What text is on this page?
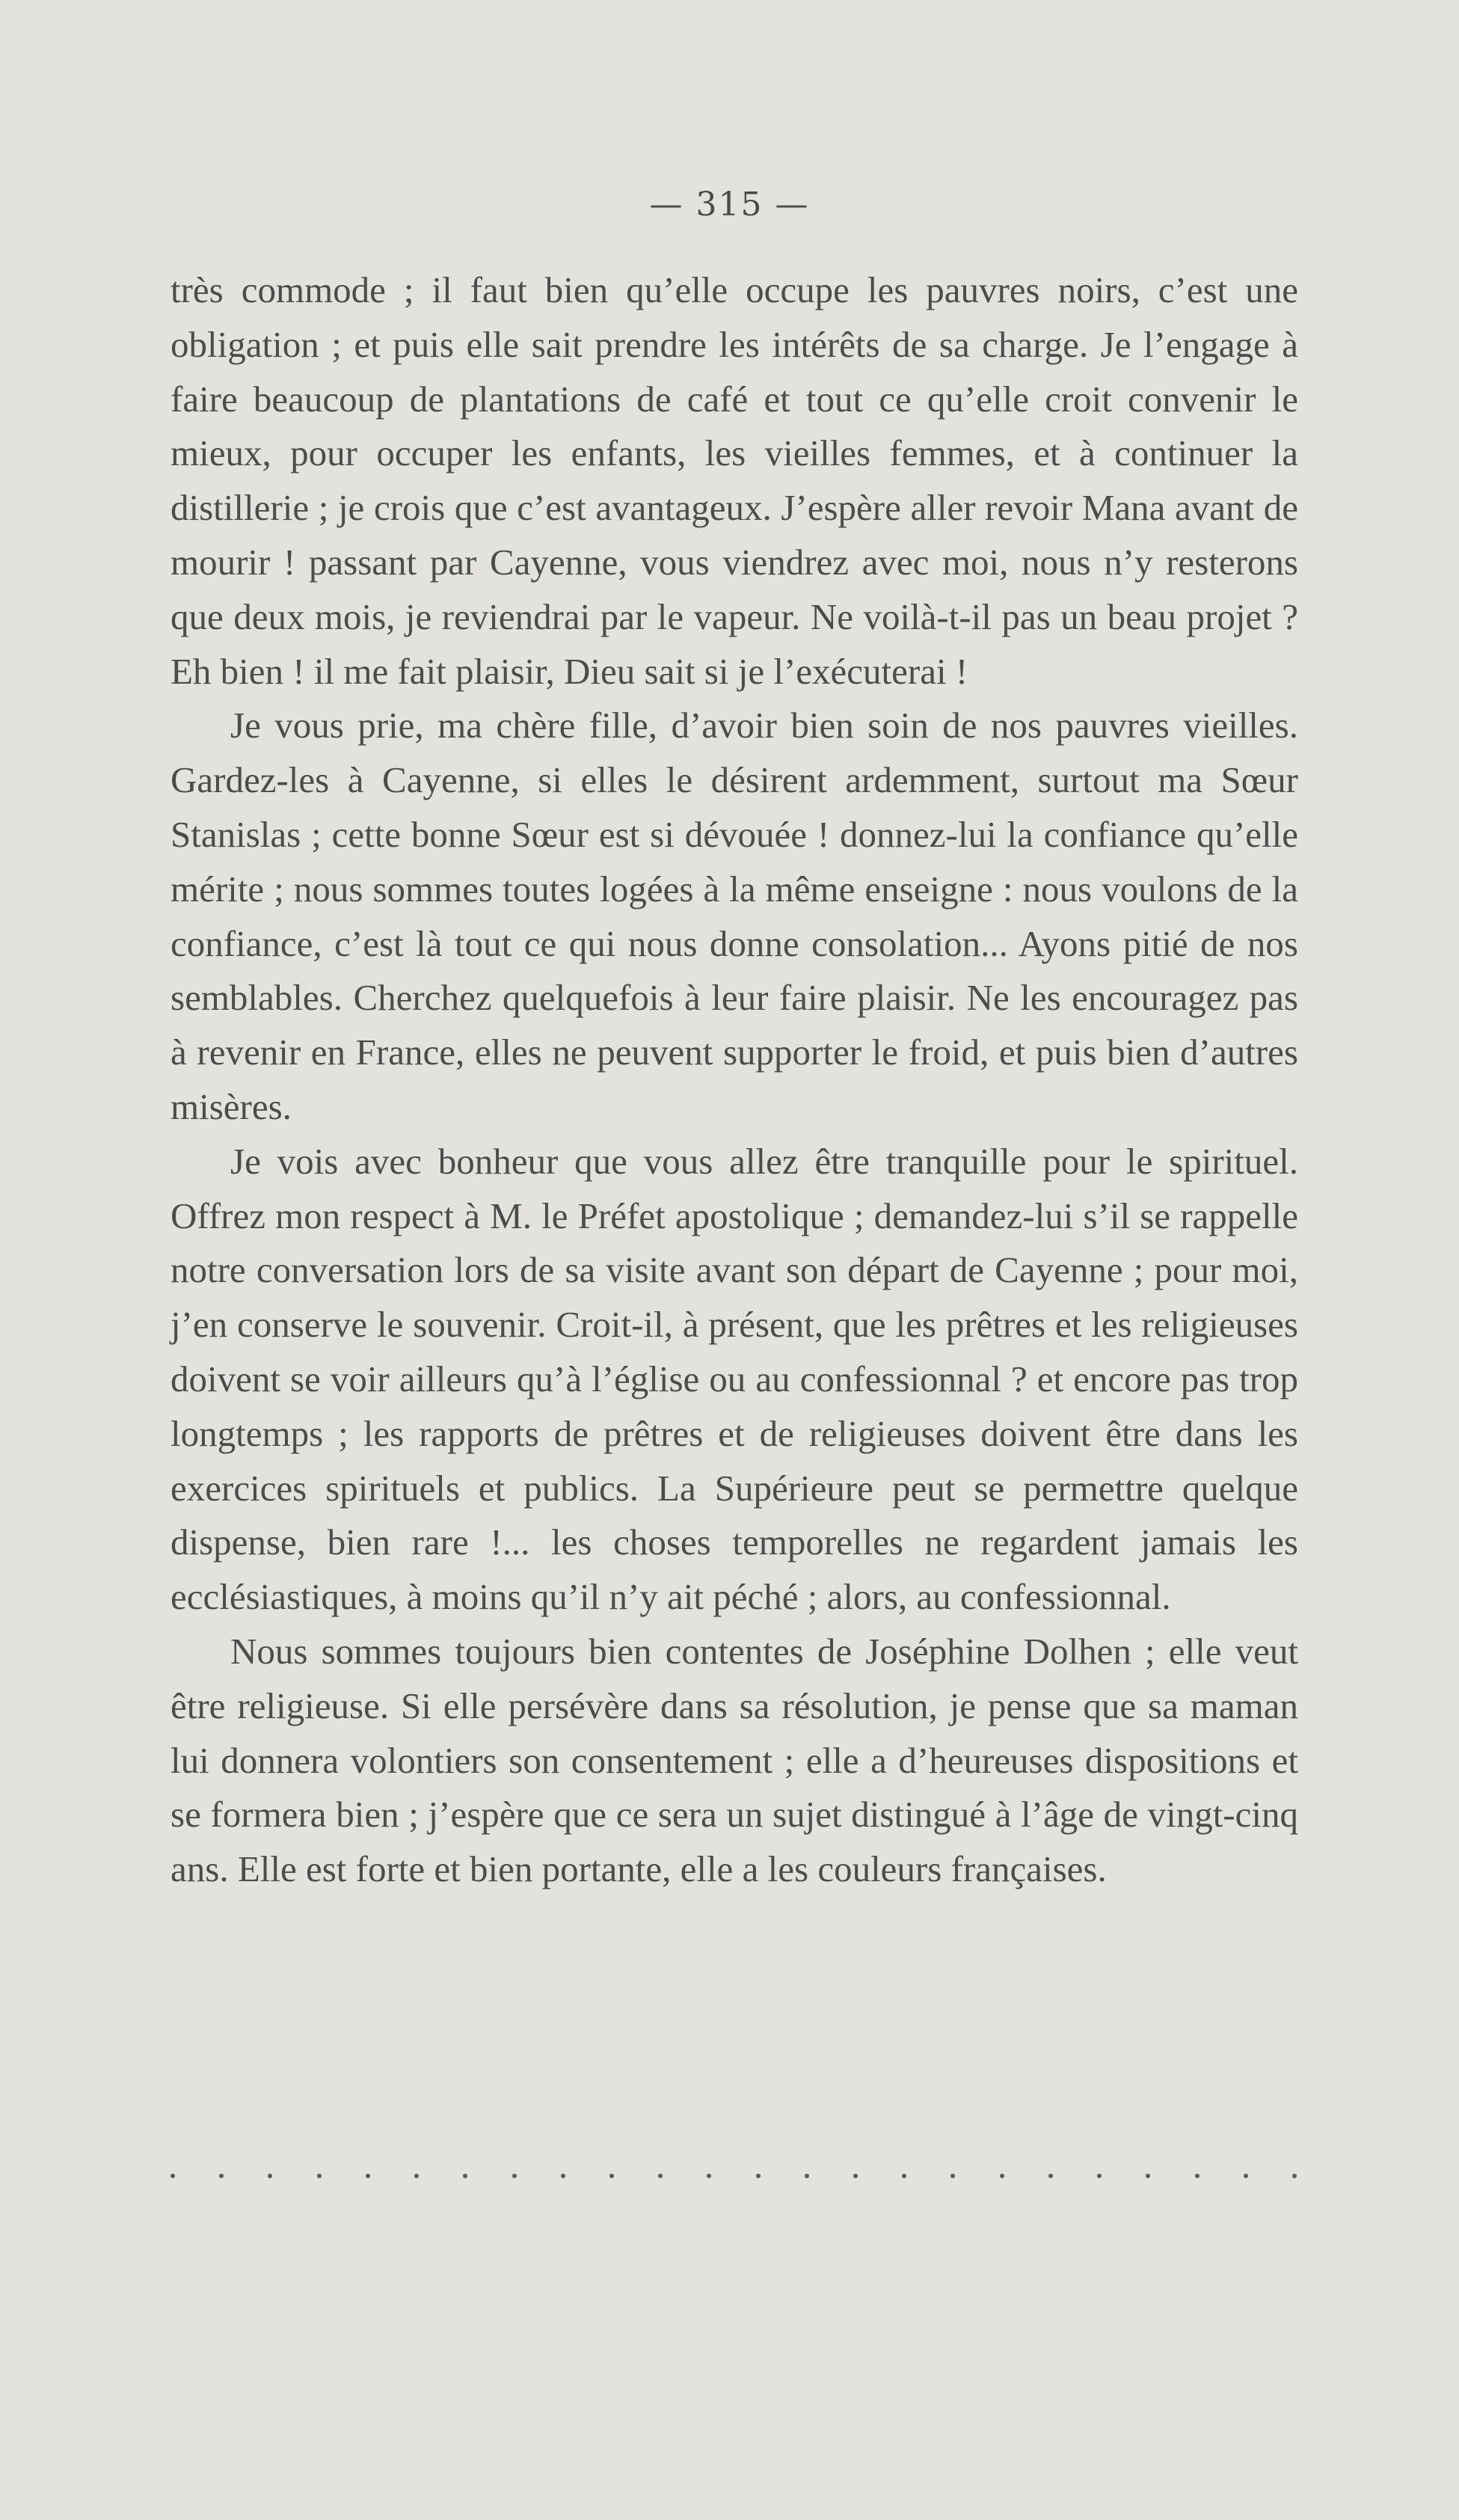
— 315 —

très commode ; il faut bien qu’elle occupe les pauvres noirs, c’est une obligation ; et puis elle sait prendre les intérêts de sa charge. Je l’engage à faire beaucoup de plantations de café et tout ce qu’elle croit convenir le mieux, pour occuper les enfants, les vieilles femmes, et à continuer la distillerie ; je crois que c’est avantageux. J’espère aller revoir Mana avant de mourir ! passant par Cayenne, vous viendrez avec moi, nous n’y resterons que deux mois, je reviendrai par le vapeur. Ne voilà-t-il pas un beau projet ? Eh bien ! il me fait plaisir, Dieu sait si je l’exécuterai !

Je vous prie, ma chère fille, d’avoir bien soin de nos pauvres vieilles. Gardez-les à Cayenne, si elles le désirent ardemment, surtout ma Sœur Stanislas ; cette bonne Sœur est si dévouée ! donnez-lui la confiance qu’elle mérite ; nous sommes toutes logées à la même enseigne : nous voulons de la confiance, c’est là tout ce qui nous donne consolation... Ayons pitié de nos semblables. Cherchez quelquefois à leur faire plaisir. Ne les encouragez pas à revenir en France, elles ne peuvent supporter le froid, et puis bien d’autres misères.

Je vois avec bonheur que vous allez être tranquille pour le spirituel. Offrez mon respect à M. le Préfet apostolique ; demandez-lui s’il se rappelle notre conversation lors de sa visite avant son départ de Cayenne ; pour moi, j’en conserve le souvenir. Croit-il, à présent, que les prêtres et les religieuses doivent se voir ailleurs qu’à l’église ou au confessionnal ? et encore pas trop longtemps ; les rapports de prêtres et de religieuses doivent être dans les exercices spirituels et publics. La Supérieure peut se permettre quelque dispense, bien rare !... les choses temporelles ne regardent jamais les ecclésiastiques, à moins qu’il n’y ait péché ; alors, au confessionnal.

Nous sommes toujours bien contentes de Joséphine Dolhen ; elle veut être religieuse. Si elle persévère dans sa résolution, je pense que sa maman lui donnera volontiers son consentement ; elle a d’heureuses dispositions et se formera bien ; j’espère que ce sera un sujet distingué à l’âge de vingt-cinq ans. Elle est forte et bien portante, elle a les couleurs françaises.
